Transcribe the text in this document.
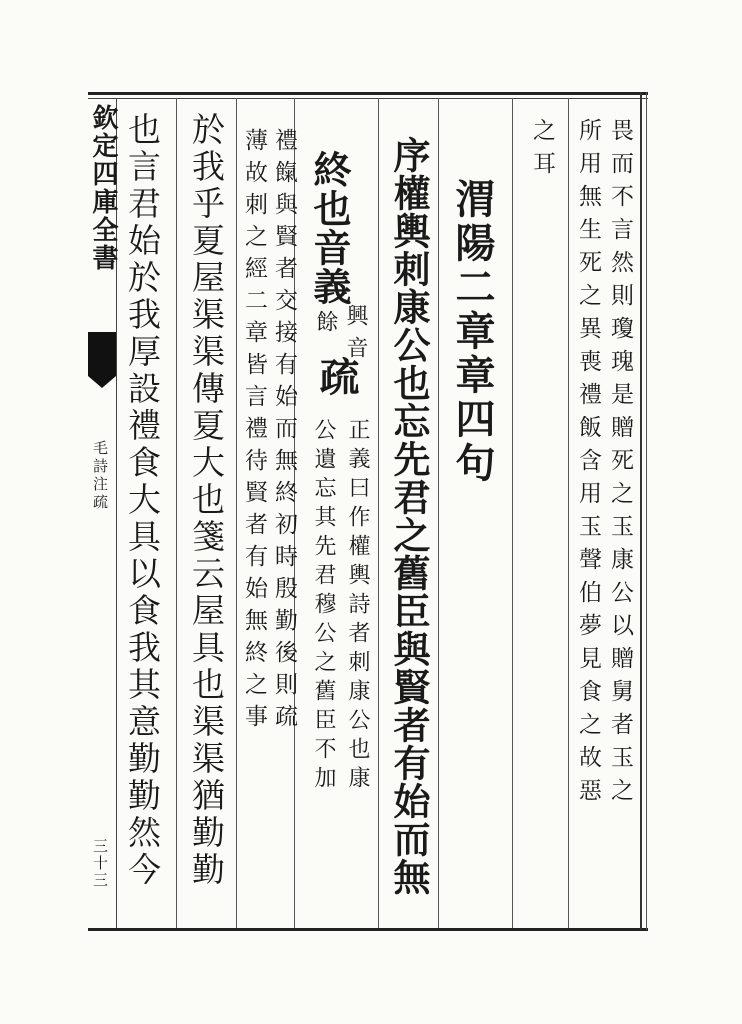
欽定四庫全書
毛詩注疏
三十三
畏而不言然則瓊瑰是贈死之玉康公以贈舅者玉之
所用無生死之異喪禮飯含用玉聲伯夢見食之故惡
之耳
渭陽二章章四句
序權輿刺康公也忘先君之舊臣與賢者有始而無
終也音義
興音
餘
疏
正義曰作權輿詩者刺康公也康
公遺忘其先君穆公之舊臣不加
禮餼與賢者交接有始而無終初時殷勤後則疏
薄故刺之經二章皆言禮待賢者有始無終之事
於我乎夏屋渠渠傳夏大也箋云屋具也渠渠猶勤勤
也言君始於我厚設禮食大具以食我其意勤勤然今
